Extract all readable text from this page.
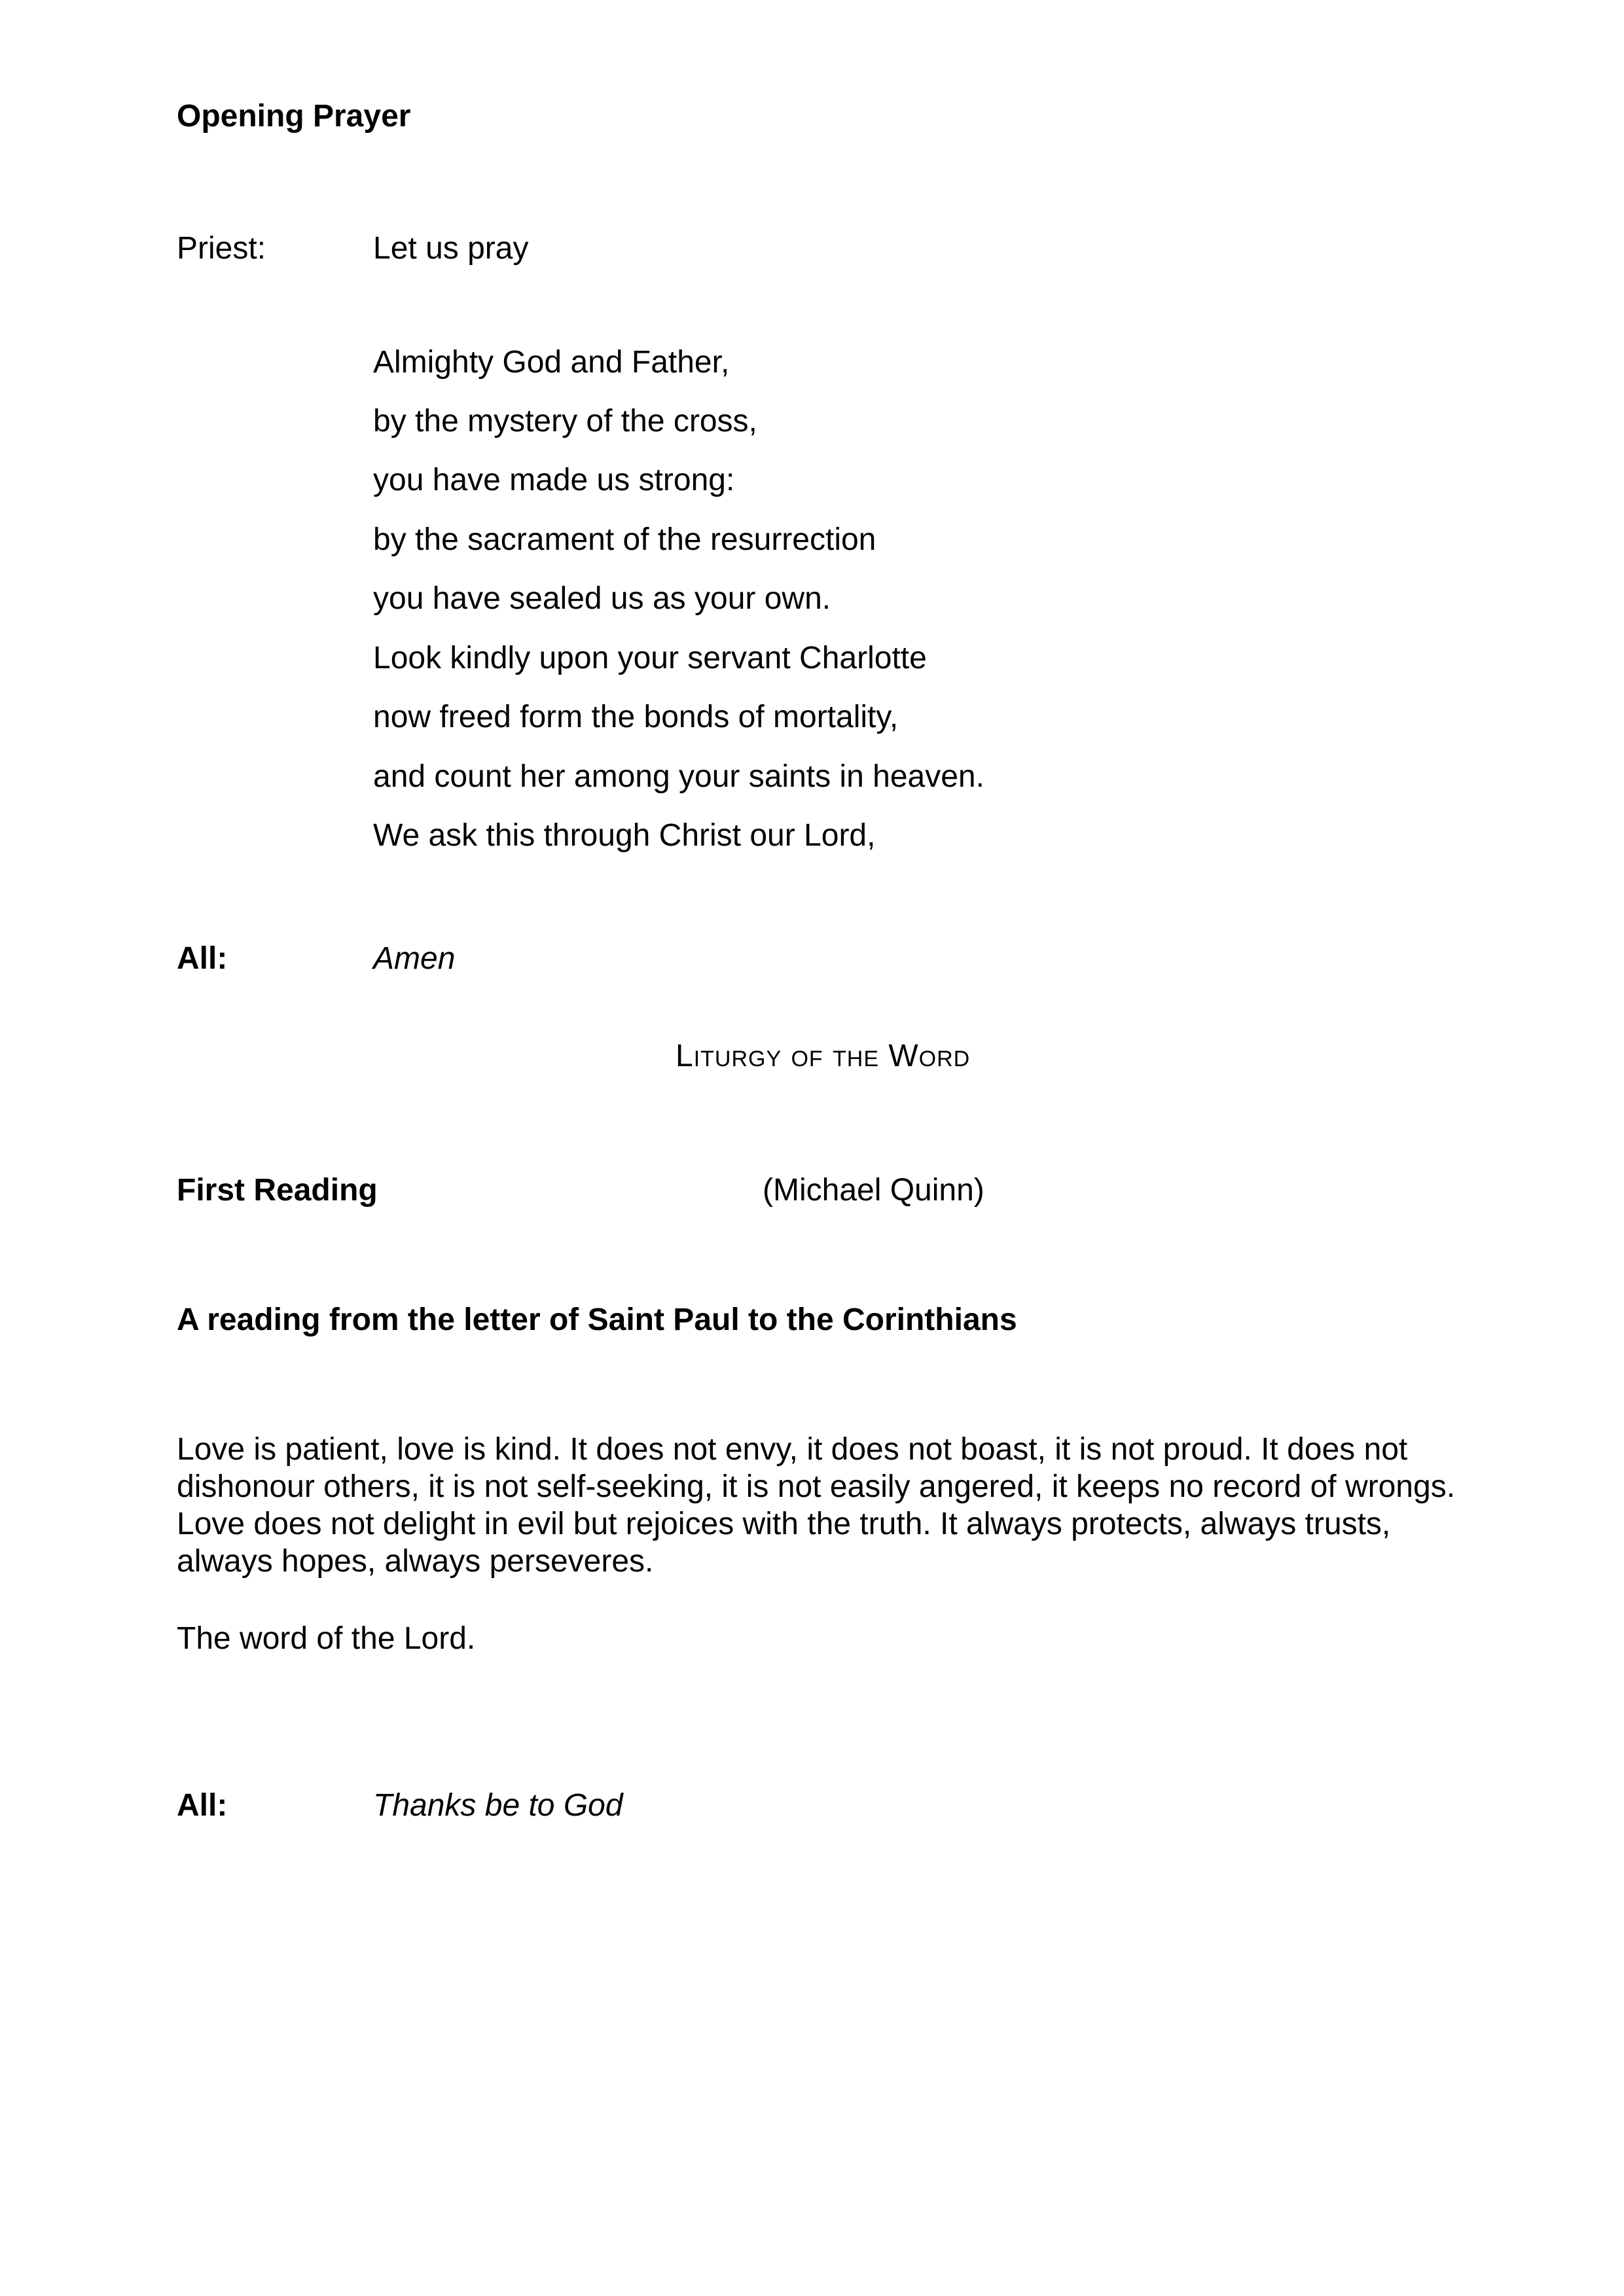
Opening Prayer
Priest:	Let us pray
Almighty God and Father,
by the mystery of the cross,
you have made us strong:
by the sacrament of the resurrection
you have sealed us as your own.
Look kindly upon your servant Charlotte
now freed form the bonds of mortality,
and count her among your saints in heaven.
We ask this through Christ our Lord,
All:	Amen
Liturgy of the Word
First Reading	(Michael Quinn)
A reading from the letter of Saint Paul to the Corinthians
Love is patient, love is kind. It does not envy, it does not boast, it is not proud. It does not
dishonour others, it is not self-seeking, it is not easily angered, it keeps no record of wrongs.
Love does not delight in evil but rejoices with the truth. It always protects, always trusts,
always hopes, always perseveres.
The word of the Lord.
All:	Thanks be to God
